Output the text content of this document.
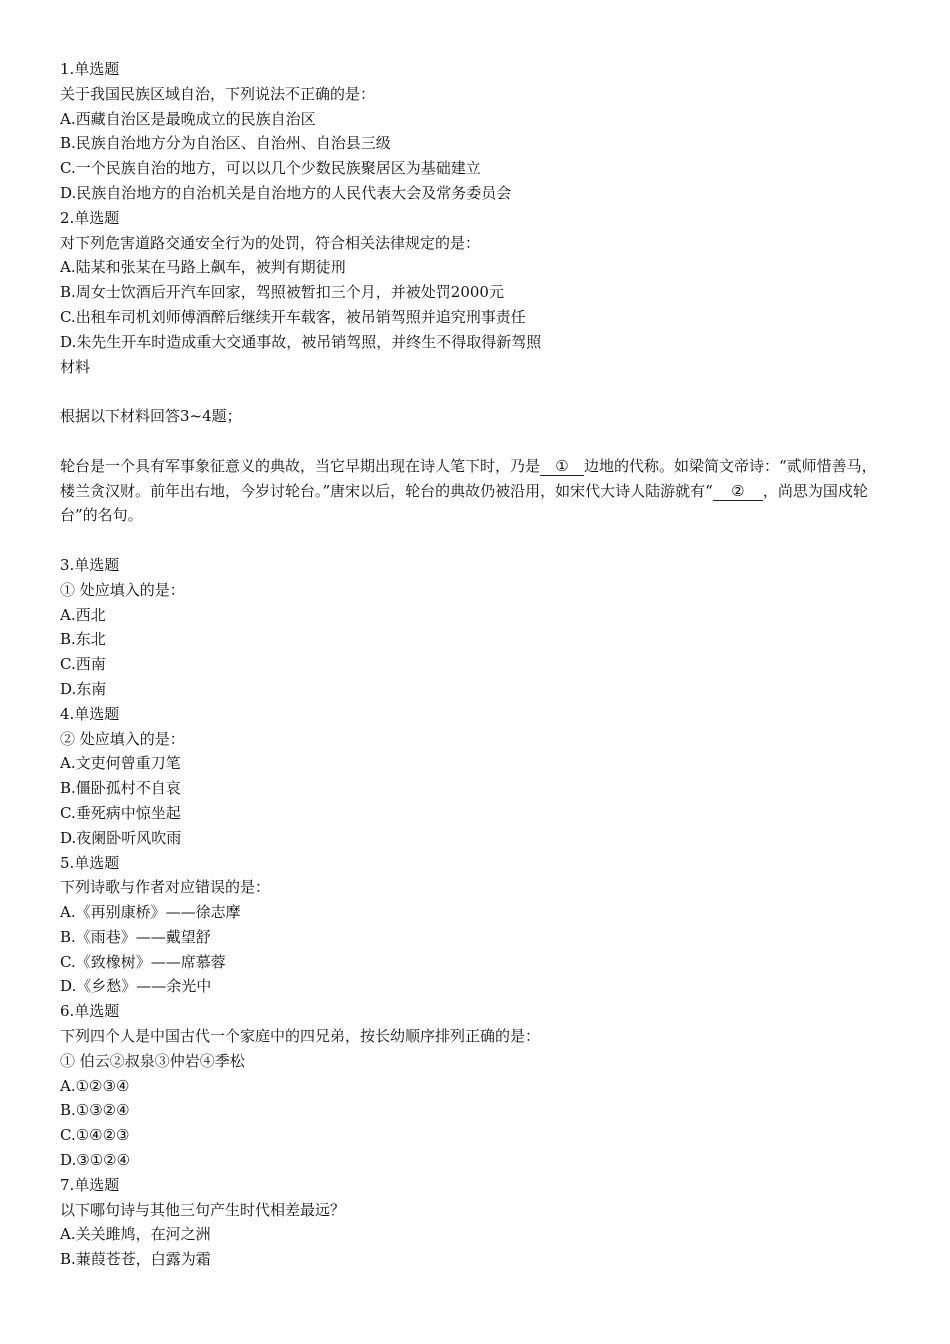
1.单选题
关于我国民族区域自治，下列说法不正确的是：
A.西藏自治区是最晚成立的民族自治区
B.民族自治地方分为自治区、自治州、自治县三级
C.一个民族自治的地方，可以以几个少数民族聚居区为基础建立
D.民族自治地方的自治机关是自治地方的人民代表大会及常务委员会
2.单选题
对下列危害道路交通安全行为的处罚，符合相关法律规定的是：
A.陆某和张某在马路上飙车，被判有期徒刑
B.周女士饮酒后开汽车回家，驾照被暂扣三个月，并被处罚2000元
C.出租车司机刘师傅酒醉后继续开车载客，被吊销驾照并追究刑事责任
D.朱先生开车时造成重大交通事故，被吊销驾照，并终生不得取得新驾照
材料
根据以下材料回答3~4题；
轮台是一个具有军事象征意义的典故，当它早期出现在诗人笔下时，乃是 ① 边地的代称。如梁简文帝诗：“贰师惜善马，楼兰贪汉财。前年出右地，今岁讨轮台。”唐宋以后，轮台的典故仍被沿用，如宋代大诗人陆游就有“ ② ，尚思为国戍轮台”的名句。
3.单选题
① 处应填入的是：
A.西北
B.东北
C.西南
D.东南
4.单选题
② 处应填入的是：
A.文吏何曾重刀笔
B.僵卧孤村不自哀
C.垂死病中惊坐起
D.夜阑卧听风吹雨
5.单选题
下列诗歌与作者对应错误的是：
A.《再别康桥》——徐志摩
B.《雨巷》——戴望舒
C.《致橡树》——席慕蓉
D.《乡愁》——余光中
6.单选题
下列四个人是中国古代一个家庭中的四兄弟，按长幼顺序排列正确的是：
① 伯云②叔泉③仲岩④季松
A.①②③④
B.①③②④
C.①④②③
D.③①②④
7.单选题
以下哪句诗与其他三句产生时代相差最远？
A.关关雎鸠，在河之洲
B.蒹葭苍苍，白露为霜
